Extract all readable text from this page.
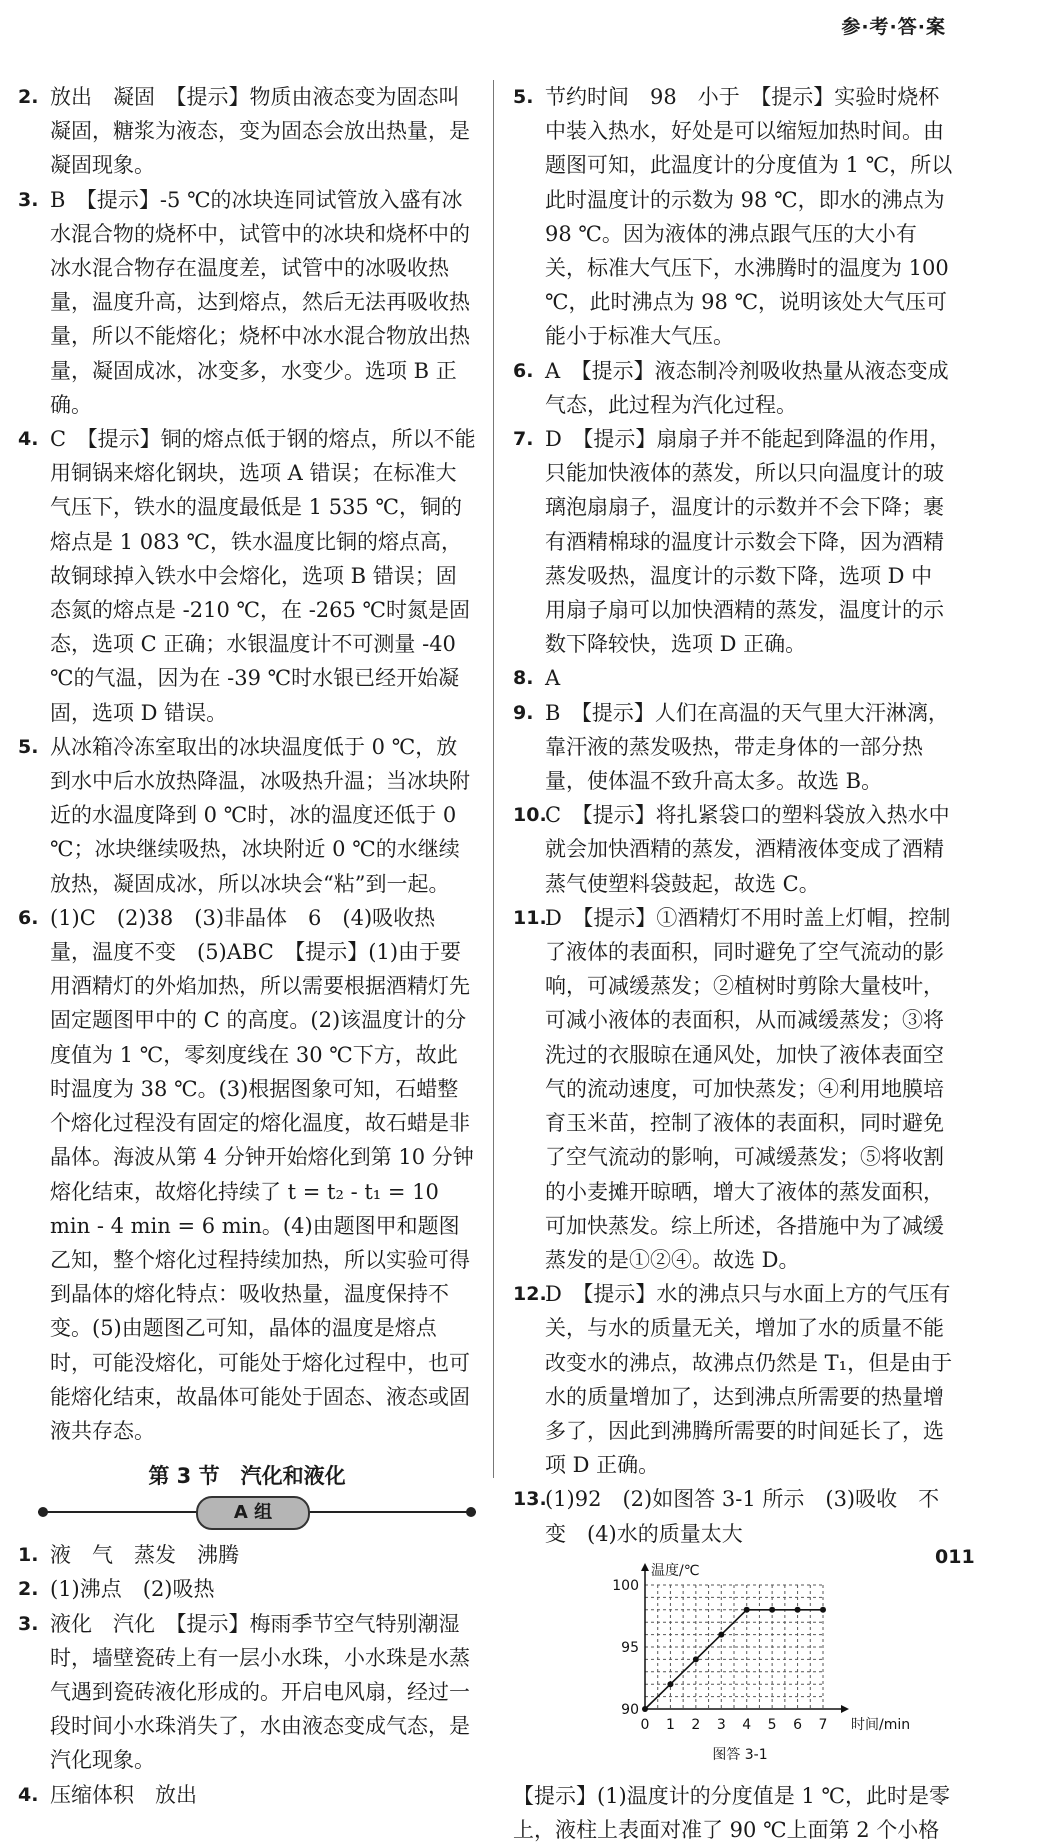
参·考·答·案
2. 放出　凝固　【提示】物质由液态变为固态叫凝固，糖浆为液态，变为固态会放出热量，是凝固现象。
3. B　【提示】-5 ℃的冰块连同试管放入盛有冰水混合物的烧杯中，试管中的冰块和烧杯中的冰水混合物存在温度差，试管中的冰吸收热量，温度升高，达到熔点，然后无法再吸收热量，所以不能熔化；烧杯中冰水混合物放出热量，凝固成冰，冰变多，水变少。选项 B 正确。
4. C　【提示】铜的熔点低于钢的熔点，所以不能用铜锅来熔化钢块，选项 A 错误；在标准大气压下，铁水的温度最低是 1 535 ℃，铜的熔点是 1 083 ℃，铁水温度比铜的熔点高，故铜球掉入铁水中会熔化，选项 B 错误；固态氮的熔点是 -210 ℃，在 -265 ℃时氮是固态，选项 C 正确；水银温度计不可测量 -40 ℃的气温，因为在 -39 ℃时水银已经开始凝固，选项 D 错误。
5. 从冰箱冷冻室取出的冰块温度低于 0 ℃，放到水中后水放热降温，冰吸热升温；当冰块附近的水温度降到 0 ℃时，冰的温度还低于 0 ℃；冰块继续吸热，冰块附近 0 ℃的水继续放热，凝固成冰，所以冰块会“粘”到一起。
6. (1)C　(2)38　(3)非晶体　6　(4)吸收热量，温度不变　(5)ABC　【提示】(1)由于要用酒精灯的外焰加热，所以需要根据酒精灯先固定题图甲中的 C 的高度。(2)该温度计的分度值为 1 ℃，零刻度线在 30 ℃下方，故此时温度为 38 ℃。(3)根据图象可知，石蜡整个熔化过程没有固定的熔化温度，故石蜡是非晶体。海波从第 4 分钟开始熔化到第 10 分钟熔化结束，故熔化持续了 t = t₂ - t₁ = 10 min - 4 min = 6 min。(4)由题图甲和题图乙知，整个熔化过程持续加热，所以实验可得到晶体的熔化特点：吸收热量，温度保持不变。(5)由题图乙可知，晶体的温度是熔点时，可能没熔化，可能处于熔化过程中，也可能熔化结束，故晶体可能处于固态、液态或固液共存态。
第 3 节　汽化和液化
A 组
1. 液　气　蒸发　沸腾
2. (1)沸点　(2)吸热
3. 液化　汽化　【提示】梅雨季节空气特别潮湿时，墙壁瓷砖上有一层小水珠，小水珠是水蒸气遇到瓷砖液化形成的。开启电风扇，经过一段时间小水珠消失了，水由液态变成气态，是汽化现象。
4. 压缩体积　放出
5. 节约时间　98　小于　【提示】实验时烧杯中装入热水，好处是可以缩短加热时间。由题图可知，此温度计的分度值为 1 ℃，所以此时温度计的示数为 98 ℃，即水的沸点为 98 ℃。因为液体的沸点跟气压的大小有关，标准大气压下，水沸腾时的温度为 100 ℃，此时沸点为 98 ℃，说明该处大气压可能小于标准大气压。
6. A　【提示】液态制冷剂吸收热量从液态变成气态，此过程为汽化过程。
7. D　【提示】扇扇子并不能起到降温的作用，只能加快液体的蒸发，所以只向温度计的玻璃泡扇扇子，温度计的示数并不会下降；裹有酒精棉球的温度计示数会下降，因为酒精蒸发吸热，温度计的示数下降，选项 D 中用扇子扇可以加快酒精的蒸发，温度计的示数下降较快，选项 D 正确。
8. A
9. B　【提示】人们在高温的天气里大汗淋漓，靠汗液的蒸发吸热，带走身体的一部分热量，使体温不致升高太多。故选 B。
10.
C　【提示】将扎紧袋口的塑料袋放入热水中就会加快酒精的蒸发，酒精液体变成了酒精蒸气使塑料袋鼓起，故选 C。
11.
D　【提示】①酒精灯不用时盖上灯帽，控制了液体的表面积，同时避免了空气流动的影响，可减缓蒸发；②植树时剪除大量枝叶，可减小液体的表面积，从而减缓蒸发；③将洗过的衣服晾在通风处，加快了液体表面空气的流动速度，可加快蒸发；④利用地膜培育玉米苗，控制了液体的表面积，同时避免了空气流动的影响，可减缓蒸发；⑤将收割的小麦摊开晾晒，增大了液体的蒸发面积，可加快蒸发。综上所述，各措施中为了减缓蒸发的是①②④。故选 D。
12.
D　【提示】水的沸点只与水面上方的气压有关，与水的质量无关，增加了水的质量不能改变水的沸点，故沸点仍然是 T₁，但是由于水的质量增加了，达到沸点所需要的热量增多了，因此到沸腾所需要的时间延长了，选项 D 正确。
13.
(1)92　(2)如图答 3-1 所示　(3)吸收　不变　(4)水的质量太大
0 1 2 3 4 5 6 7
90
95
100
时间/min
温度/℃
图答 3-1
【提示】(1)温度计的分度值是 1 ℃，此时是零上，液柱上表面对准了 90 ℃上面第 2 个小格
011
